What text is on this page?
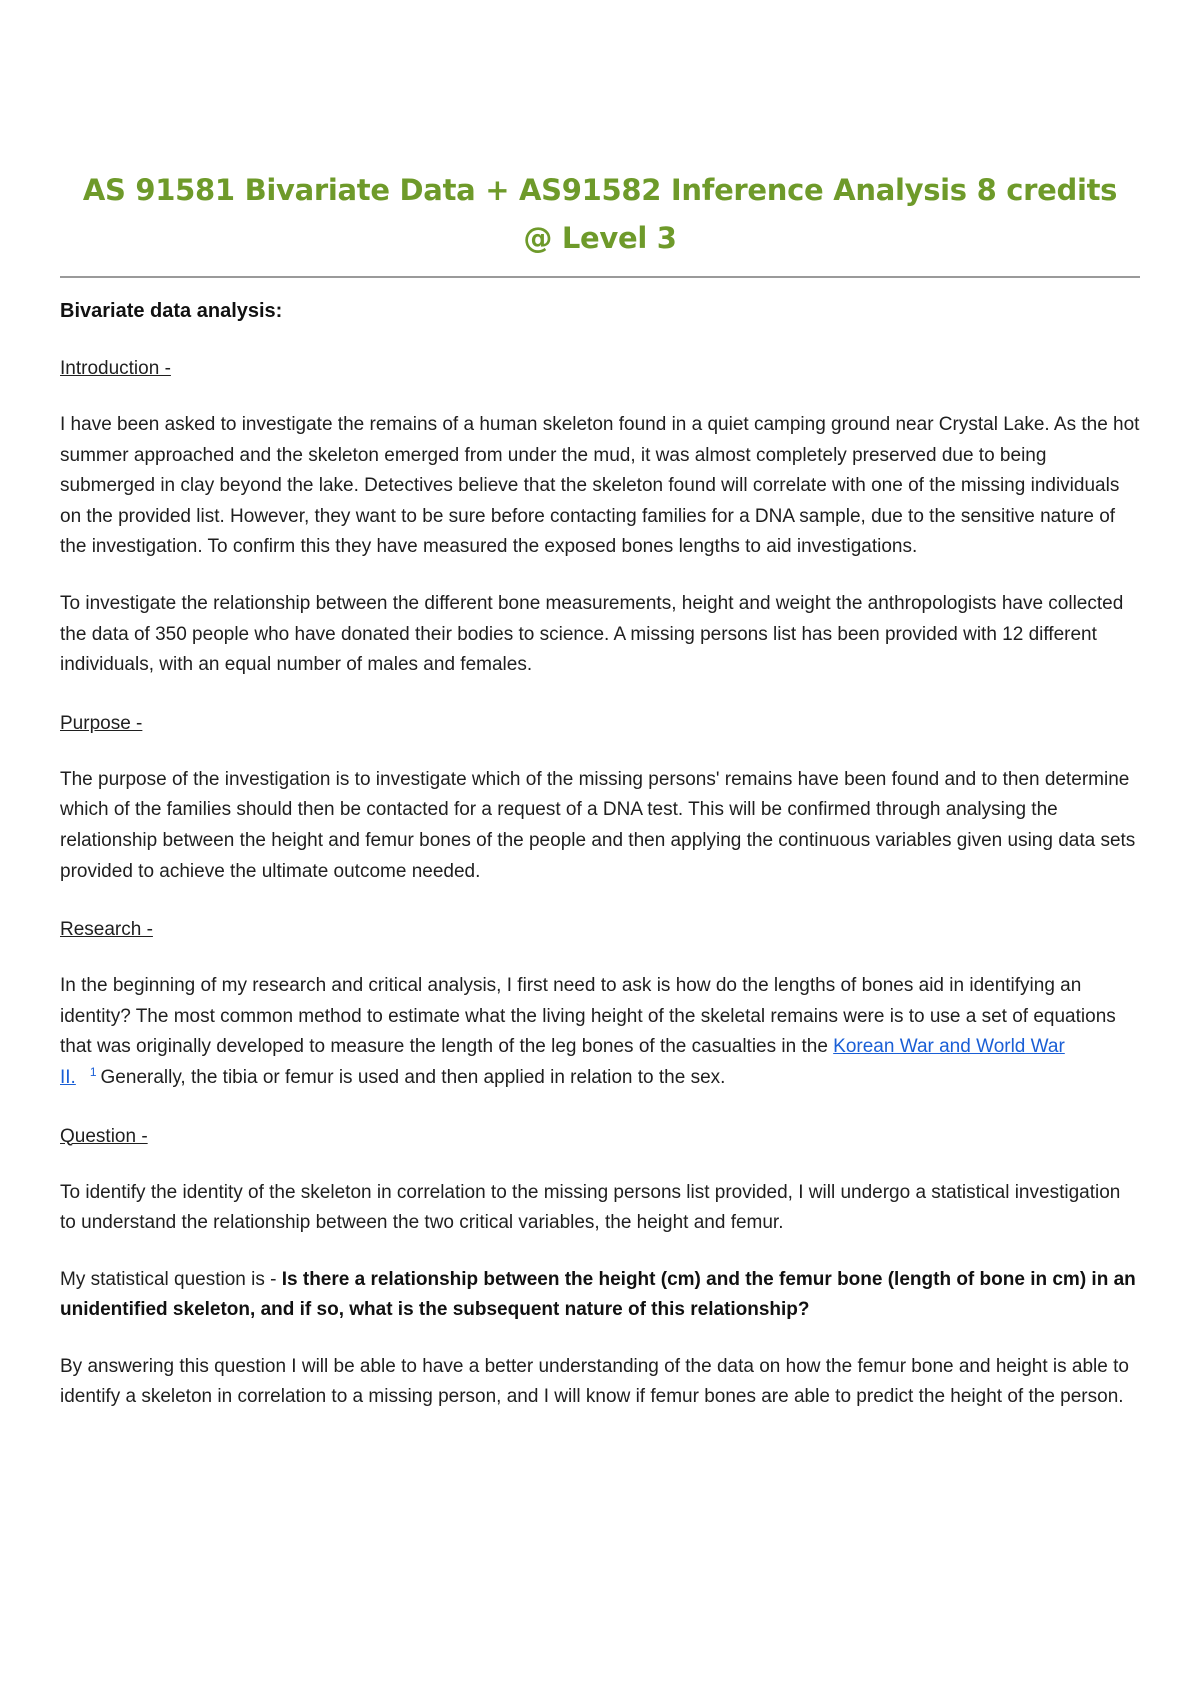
AS 91581 Bivariate Data + AS91582 Inference Analysis 8 credits
@ Level 3
Bivariate data analysis:
Introduction -

I have been asked to investigate the remains of a human skeleton found in a quiet camping ground near Crystal Lake. As the hot summer approached and the skeleton emerged from under the mud, it was almost completely preserved due to being submerged in clay beyond the lake. Detectives believe that the skeleton found will correlate with one of the missing individuals on the provided list. However, they want to be sure before contacting families for a DNA sample, due to the sensitive nature of the investigation. To confirm this they have measured the exposed bones lengths to aid investigations.

To investigate the relationship between the different bone measurements, height and weight the anthropologists have collected the data of 350 people who have donated their bodies to science. A missing persons list has been provided with 12 different individuals, with an equal number of males and females.

Purpose -

The purpose of the investigation is to investigate which of the missing persons' remains have been found and to then determine which of the families should then be contacted for a request of a DNA test. This will be confirmed through analysing the relationship between the height and femur bones of the people and then applying the continuous variables given using data sets provided to achieve the ultimate outcome needed.

Research -

In the beginning of my research and critical analysis, I first need to ask is how do the lengths of bones aid in identifying an identity? The most common method to estimate what the living height of the skeletal remains were is to use a set of equations that was originally developed to measure the length of the leg bones of the casualties in the Korean War and World War II. $^1$ Generally, the tibia or femur is used and then applied in relation to the sex.

Question -

To identify the identity of the skeleton in correlation to the missing persons list provided, I will undergo a statistical investigation to understand the relationship between the two critical variables, the height and femur.

My statistical question is - Is there a relationship between the height (cm) and the femur bone (length of bone in cm) in an unidentified skeleton, and if so, what is the subsequent nature of this relationship?

By answering this question I will be able to have a better understanding of the data on how the femur bone and height is able to identify a skeleton in correlation to a missing person, and I will know if femur bones are able to predict the height of the person.
